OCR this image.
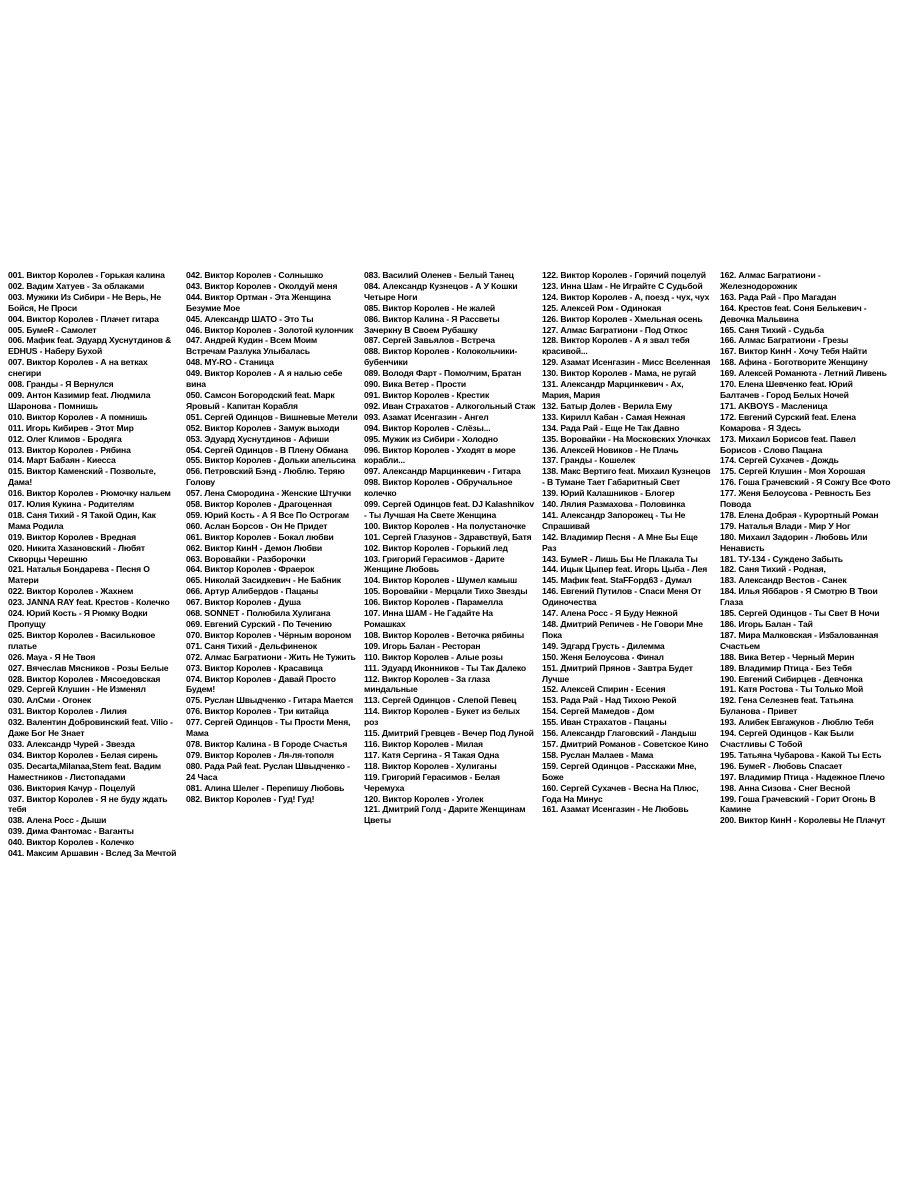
001. Виктор Королев - Горькая калина
002. Вадим Хатуев - За облаками
003. Мужики Из Сибири - Не Верь, Не Бойся, Не Проси
004. Виктор Королев - Плачет гитара
005. БумеR - Самолет
006. Мафик feat. Эдуард Хуснутдинов & EDHUS - Наберу Бухой
007. Виктор Королев - А на ветках снегири
008. Гранды - Я Вернулся
009. Антон Казимир feat. Людмила Шаронова - Помнишь
010. Виктор Королев - А помнишь
011. Игорь Кибирев - Этот Мир
012. Олег Климов - Бродяга
013. Виктор Королев - Рябина
014. Март Бабаян - Киесса
015. Виктор Каменский - Позвольте, Дама!
016. Виктор Королев - Рюмочку нальем
017. Юлия Кукина - Родителям
018. Саня Тихий - Я Такой Один, Как Мама Родила
019. Виктор Королев - Вредная
020. Никита Хазановский - Любят Скворцы Черешню
021. Наталья Бондарева - Песня О Матери
022. Виктор Королев - Жахнем
023. JANNA RAY feat. Крестов - Колечко
024. Юрий Кость - Я Рюмку Водки Пропущу
025. Виктор Королев - Васильковое платье
026. Maya - Я Не Твоя
027. Вячеслав Мясников - Розы Белые
028. Виктор Королев - Мясоедовская
029. Сергей Клушин - Не Изменял
030. АлСми - Огонек
031. Виктор Королев - Лилия
032. Валентин Добровинский feat. Vilio - Даже Бог Не Знает
033. Александр Чурей - Звезда
034. Виктор Королев - Белая сирень
035. Decarta,Milanaa,Stem feat. Вадим Наместников - Листопадами
036. Виктория Качур - Поцелуй
037. Виктор Королев - Я не буду ждать тебя
038. Алена Росс - Дыши
039. Дима Фантомас - Ваганты
040. Виктор Королев - Колечко
041. Максим Аршавин - Вслед За Мечтой
042. Виктор Королев - Солнышко
043. Виктор Королев - Околдуй меня
044. Виктор Ортман - Эта Женщина Безумие Мое
045. Александр ШАТО - Это Ты
046. Виктор Королев - Золотой кулончик
047. Андрей Кудин - Всем Моим Встречам Разлука Улыбалась
048. MY-RO - Станица
049. Виктор Королев - А я налью себе вина
050. Самсон Богородский feat. Марк Яровый - Капитан Корабля
051. Сергей Одинцов - Вишневые Метели
052. Виктор Королев - Замуж выходи
053. Эдуард Хуснутдинов - Афиши
054. Сергей Одинцов - В Плену Обмана
055. Виктор Королев - Дольки апельсина
056. Петровский Бэнд - Люблю. Теряю Голову
057. Лена Смородина - Женские Штучки
058. Виктор Королев - Драгоценная
059. Юрий Кость - А Я Все По Острогам
060. Аслан Борсов - Он Не Придет
061. Виктор Королев - Бокал любви
062. Виктор КинН - Демон Любви
063. Воровайки - Разборочки
064. Виктор Королев - Фраерок
065. Николай Засидкевич - Не Бабник
066. Артур Алибердов - Пацаны
067. Виктор Королев - Душа
068. SONNET - Полюбила Хулигана
069. Евгений Сурский - По Течению
070. Виктор Королев - Чёрным вороном
071. Саня Тихий - Дельфиненок
072. Алмас Багратиони - Жить Не Тужить
073. Виктор Королев - Красавица
074. Виктор Королев - Давай Просто Будем!
075. Руслан Швыдченко - Гитара Мается
076. Виктор Королев - Три китайца
077. Сергей Одинцов - Ты Прости Меня, Мама
078. Виктор Калина - В Городе Счастья
079. Виктор Королев - Ля-ля-тополя
080. Рада Рай feat. Руслан Швыдченко - 24 Часа
081. Алина Шелег - Перепишу Любовь
082. Виктор Королев - Гуд! Гуд!
083. Василий Оленев - Белый Танец
084. Александр Кузнецов - А У Кошки Четыре Ноги
085. Виктор Королев - Не жалей
086. Виктор Калина - Я Рассветы Зачеркну В Своем Рубашку
087. Сергей Завьялов - Встреча
088. Виктор Королев - Колокольчики-бубенчики
089. Володя Фарт - Помолчим, Братан
090. Вика Ветер - Прости
091. Виктор Королев - Крестик
092. Иван Страхатов - Алкогольный Стаж
093. Азамат Исенгазин - Ангел
094. Виктор Королев - Слёзы...
095. Мужик из Сибири - Холодно
096. Виктор Королев - Уходят в море корабли...
097. Александр Марцинкевич - Гитара
098. Виктор Королев - Обручальное колечко
099. Сергей Одинцов feat. DJ Kalashnikov - Ты Лучшая На Свете Женщина
100. Виктор Королев - На полустаночке
101. Сергей Глазунов - Здравствуй, Батя
102. Виктор Королев - Горький лед
103. Григорий Герасимов - Дарите Женщине Любовь
104. Виктор Королев - Шумел камыш
105. Воровайки - Мерцали Тихо Звезды
106. Виктор Королев - Парамелла
107. Инна ШАМ - Не Гадайте На Ромашках
108. Виктор Королев - Веточка рябины
109. Игорь Балан - Ресторан
110. Виктор Королев - Алые розы
111. Эдуард Иконников - Ты Так Далеко
112. Виктор Королев - За глаза миндальные
113. Сергей Одинцов - Слепой Певец
114. Виктор Королев - Букет из белых роз
115. Дмитрий Гревцев - Вечер Под Луной
116. Виктор Королев - Милая
117. Катя Сергина - Я Такая Одна
118. Виктор Королев - Хулиганы
119. Григорий Герасимов - Белая Черемуха
120. Виктор Королев - Уголек
121. Дмитрий Голд - Дарите Женщинам Цветы
122. Виктор Королев - Горячий поцелуй
123. Инна Шам - Не Играйте С Судьбой
124. Виктор Королев - А, поезд - чух, чух
125. Алексей Ром - Одинокая
126. Виктор Королев - Хмельная осень
127. Алмас Багратиони - Под Откос
128. Виктор Королев - А я звал тебя красивой...
129. Азамат Исенгазин - Мисс Вселенная
130. Виктор Королев - Мама, не ругай
131. Александр Марцинкевич - Ах, Мария, Мария
132. Батыр Долев - Верила Ему
133. Кирилл Кабан - Самая Нежная
134. Рада Рай - Еще Не Так Давно
135. Воровайки - На Московских Улочках
136. Алексей Новиков - Не Плачь
137. Гранды - Кошелек
138. Макс Вертиго feat. Михаил Кузнецов - В Тумане Тает Габаритный Свет
139. Юрий Калашников - Блогер
140. Лялия Размахова - Половинка
141. Александр Запорожец - Ты Не Спрашивай
142. Владимир Песня - А Мне Бы Еще Раз
143. БумеR - Лишь Бы Не Плакала Ты
144. Ицык Цыпер feat. Игорь Цыба - Лея
145. Мафик feat. StaFFорд63 - Думал
146. Евгений Путилов - Спаси Меня От Одиночества
147. Алена Росс - Я Буду Нежной
148. Дмитрий Репичев - Не Говори Мне Пока
149. Эдгард Грусть - Дилемма
150. Женя Белоусова - Финал
151. Дмитрий Прянов - Завтра Будет Лучше
152. Алексей Спирин - Есения
153. Рада Рай - Над Тихою Рекой
154. Сергей Мамедов - Дом
155. Иван Страхатов - Пацаны
156. Александр Глаговский - Ландыш
157. Дмитрий Романов - Советское Кино
158. Руслан Малаев - Мама
159. Сергей Одинцов - Расскажи Мне, Боже
160. Сергей Сухачев - Весна На Плюс, Года На Минус
161. Азамат Исенгазин - Не Любовь
162. Алмас Багратиони - Железнодорожник
163. Рада Рай - Про Магадан
164. Крестов feat. Соня Белькевич - Девочка Мальвина
165. Саня Тихий - Судьба
166. Алмас Багратиони - Грезы
167. Виктор КинН - Хочу Тебя Найти
168. Афина - Боготворите Женщину
169. Алексей Романюта - Летний Ливень
170. Елена Шевченко feat. Юрий Балтачев - Город Белых Ночей
171. AKBOYS - Масленица
172. Евгений Сурский feat. Елена Комарова - Я Здесь
173. Михаил Борисов feat. Павел Борисов - Слово Пацана
174. Сергей Сухачев - Дождь
175. Сергей Клушин - Моя Хорошая
176. Гоша Грачевский - Я Сожгу Все Фото
177. Женя Белоусова - Ревность Без Повода
178. Елена Добрая - Курортный Роман
179. Наталья Влади - Мир У Ног
180. Михаил Задорин - Любовь Или Ненависть
181. ТУ-134 - Суждено Забыть
182. Саня Тихий - Родная,
183. Александр Вестов - Санек
184. Илья Яббаров - Я Смотрю В Твои Глаза
185. Сергей Одинцов - Ты Свет В Ночи
186. Игорь Балан - Тай
187. Мира Малковская - Избалованная Счастьем
188. Вика Ветер - Черный Мерин
189. Владимир Птица - Без Тебя
190. Евгений Сибирцев - Девчонка
191. Катя Ростова - Ты Только Мой
192. Гена Селезнев feat. Татьяна Буланова - Привет
193. Алибек Евгажуков - Люблю Тебя
194. Сергей Одинцов - Как Были Счастливы С Тобой
195. Татьяна Чубарова - Какой Ты Есть
196. БумеR - Любовь Спасает
197. Владимир Птица - Надежное Плечо
198. Анна Сизова - Снег Весной
199. Гоша Грачевский - Горит Огонь В Камине
200. Виктор КинН - Королевы Не Плачут
